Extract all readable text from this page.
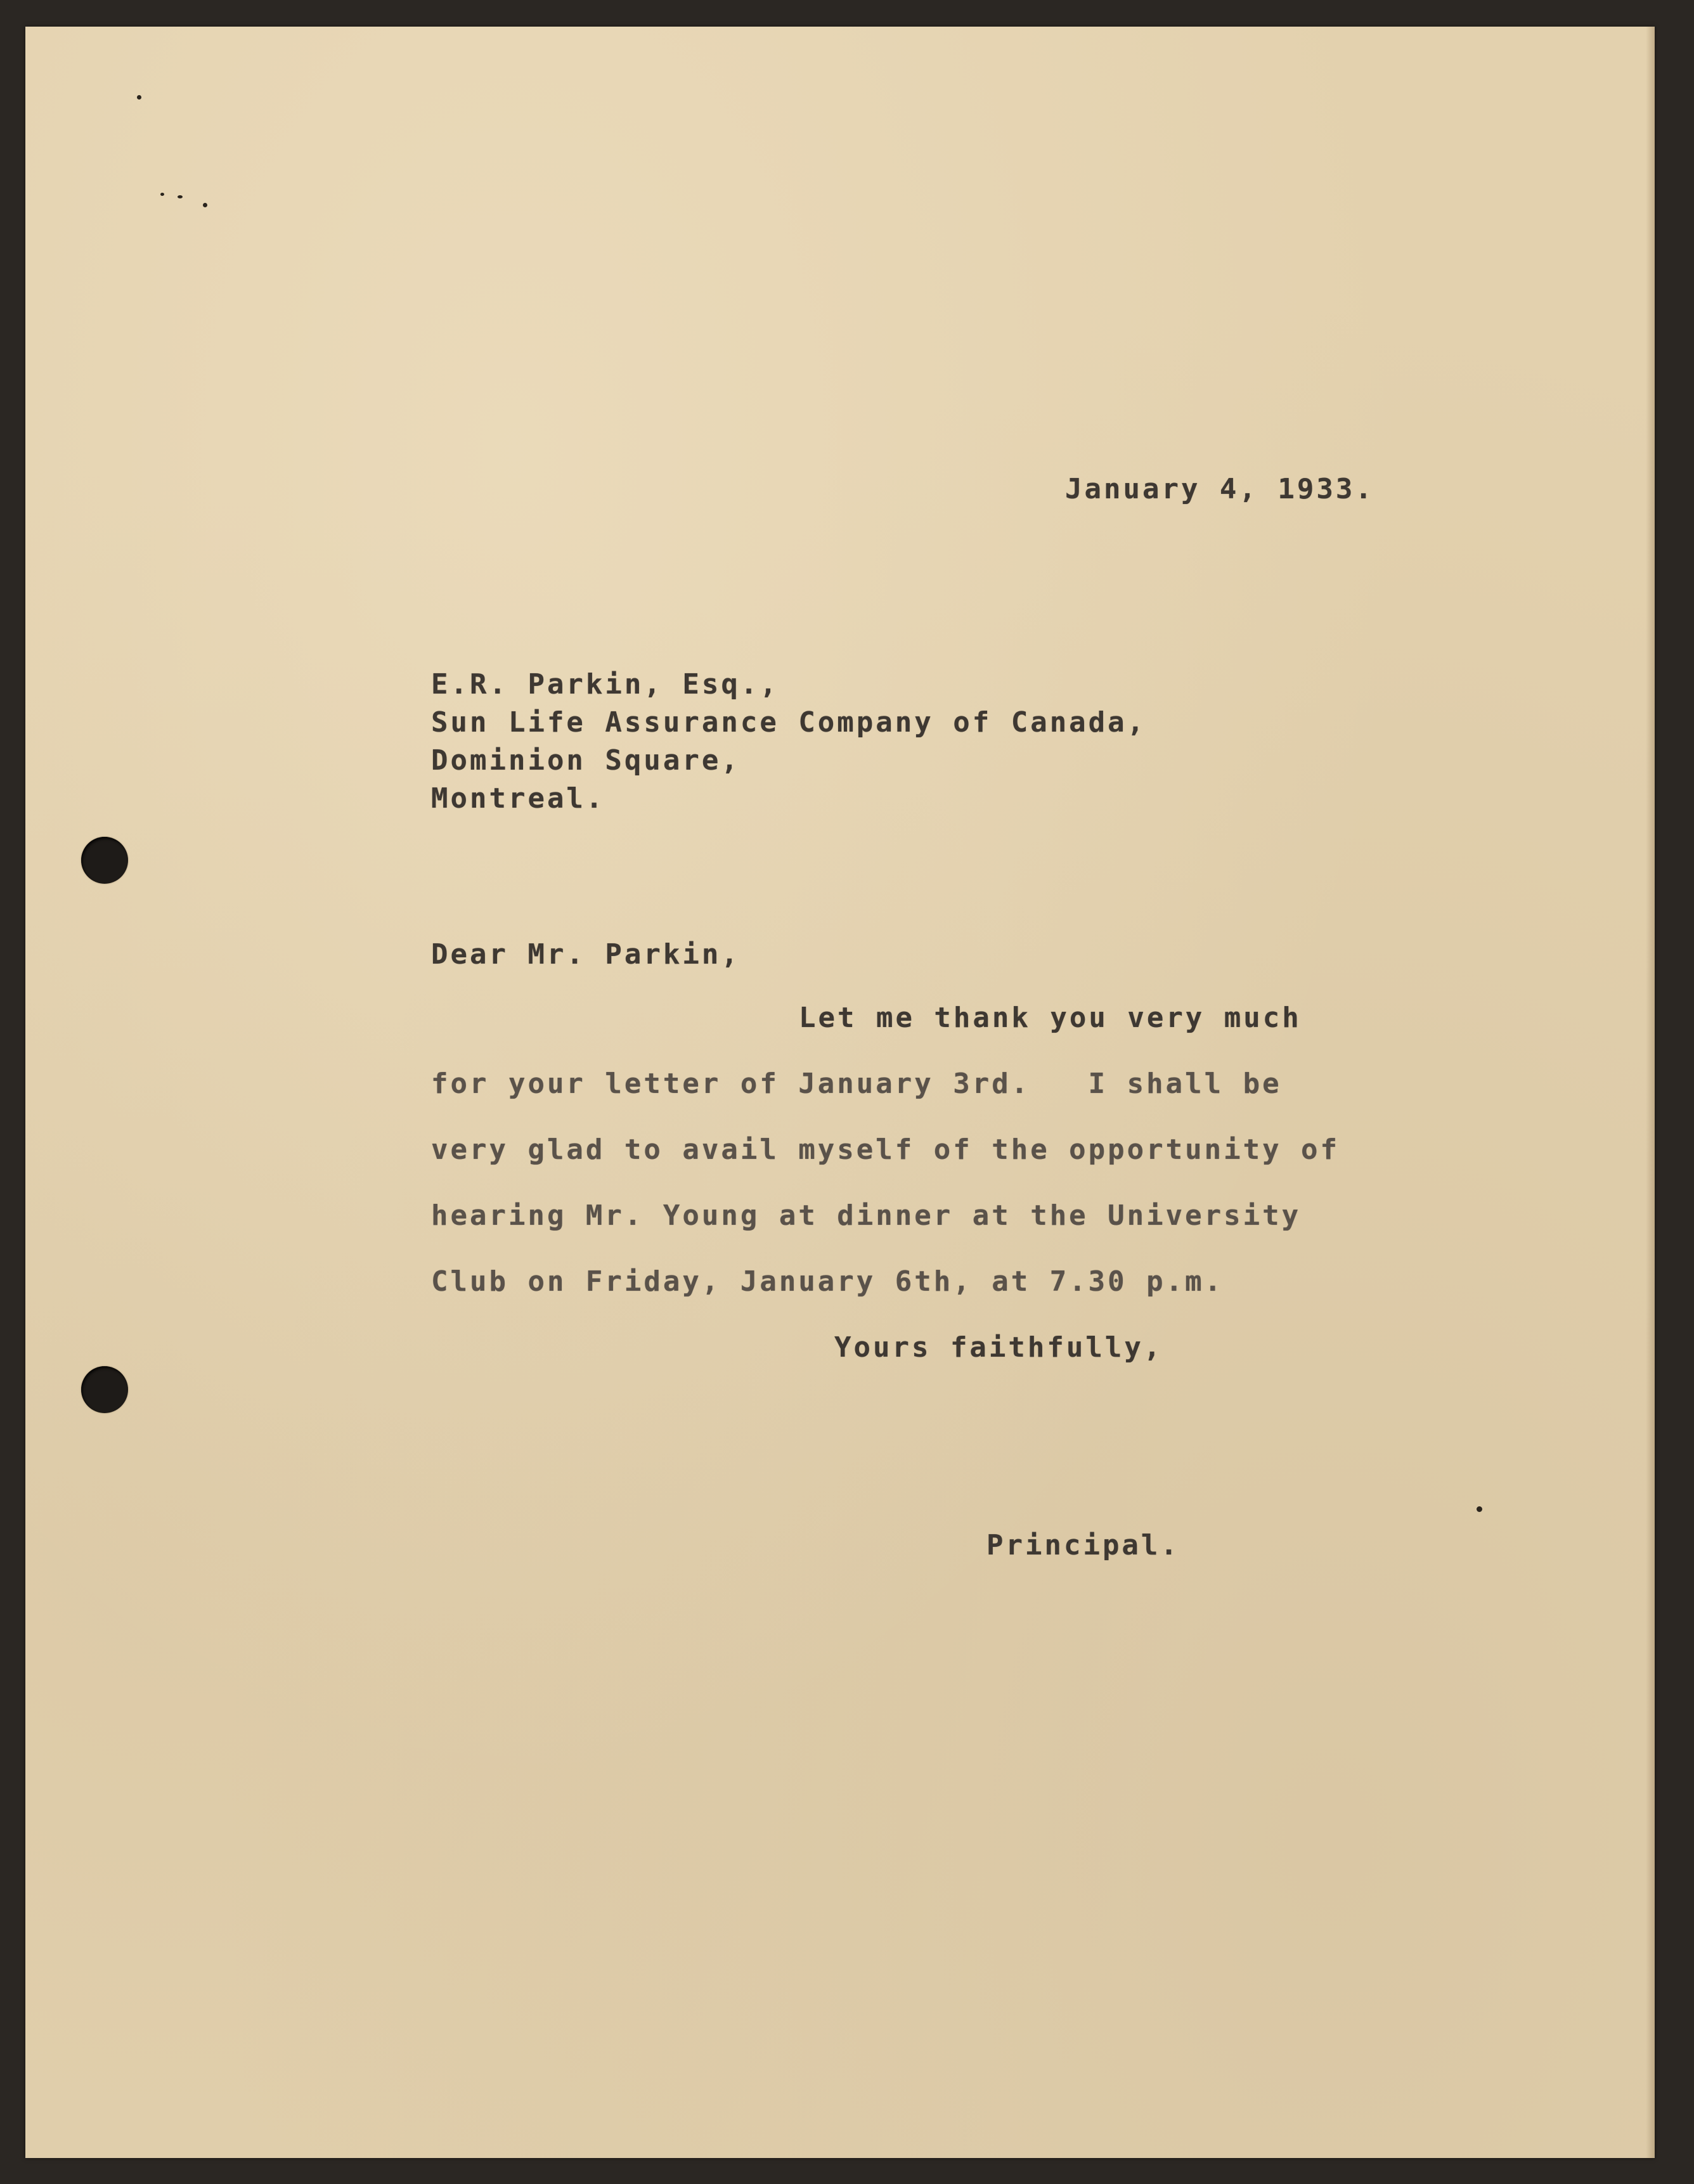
January 4, 1933.
E.R. Parkin, Esq.,
Sun Life Assurance Company of Canada,
Dominion Square,
Montreal.
Dear Mr. Parkin,
Let me thank you very much
for your letter of January 3rd.   I shall be
very glad to avail myself of the opportunity of
hearing Mr. Young at dinner at the University
Club on Friday, January 6th, at 7.30 p.m.
Yours faithfully,
Principal.
